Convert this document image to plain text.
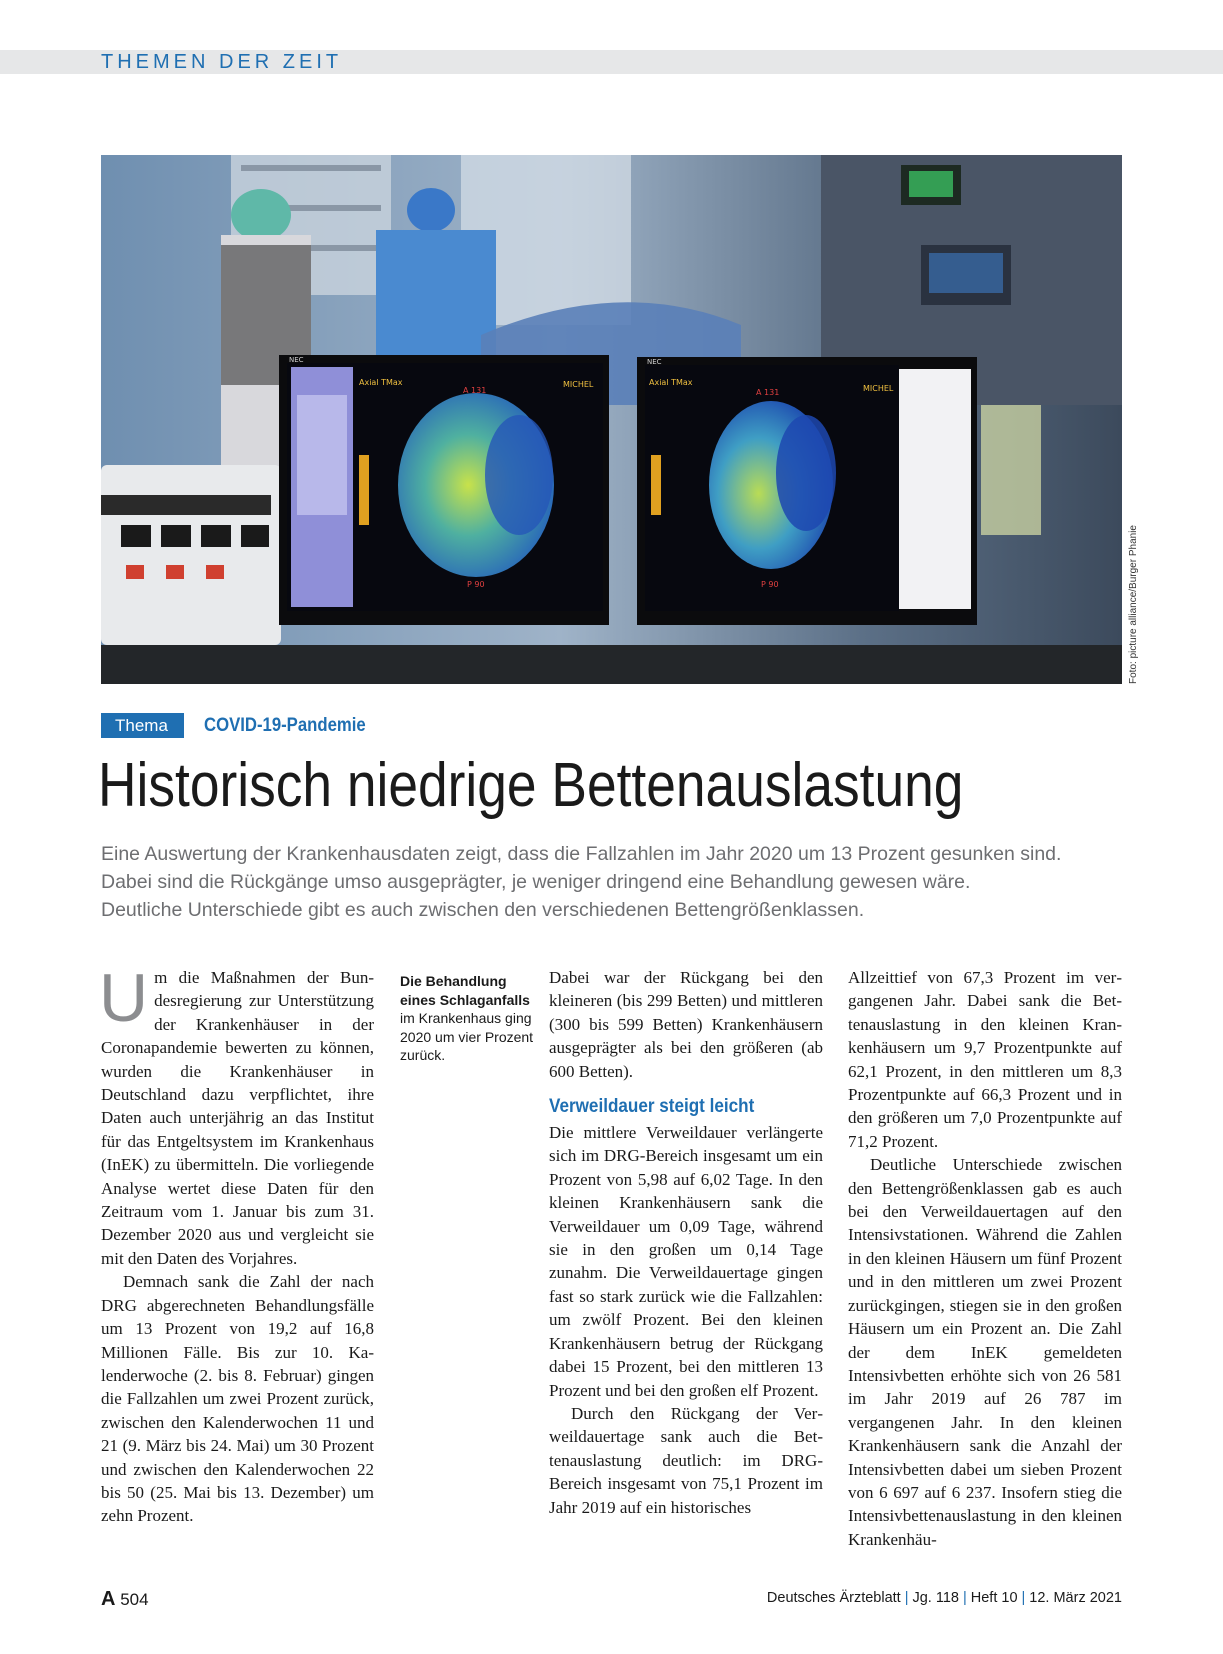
THEMEN DER ZEIT
Axial TMax	MICHEL
A 131
P 90
NEC
Axial TMax
MICHEL
A 131
P 90
NEC
Foto: picture alliance/Burger Phanie
Thema COVID-19-Pandemie
Historisch niedrige Bettenauslastung

Eine Auswertung der Krankenhausdaten zeigt, dass die Fallzahlen im Jahr 2020 um 13 Prozent gesunken sind.
Dabei sind die Rückgänge umso ausgeprägter, je weniger dringend eine Behandlung gewesen wäre.
Deutliche Unterschiede gibt es auch zwischen den verschiedenen Bettengrößenklassen.

Um die Maßnahmen der Bundesregierung zur Unterstützung der Krankenhäuser in der Coronapandemie bewerten zu können, wurden die Krankenhäuser in Deutschland dazu verpflichtet, ihre Daten auch unterjährig an das Institut für das Entgeltsystem im Krankenhaus (InEK) zu übermitteln. Die vorliegende Analyse wertet diese Daten für den Zeitraum vom 1. Januar bis zum 31. Dezember 2020 aus und vergleicht sie mit den Daten des Vorjahres.

Demnach sank die Zahl der nach DRG abgerechneten Behandlungsfälle um 13 Prozent von 19,2 auf 16,8 Millionen Fälle. Bis zur 10. Kalenderwoche (2. bis 8. Februar) gingen die Fallzahlen um zwei Prozent zurück, zwischen den Kalenderwochen 11 und 21 (9. März bis 24. Mai) um 30 Prozent und zwischen den Kalenderwochen 22 bis 50 (25. Mai bis 13. Dezember) um zehn Prozent.

Die Behandlung eines Schlaganfalls
im Krankenhaus ging 2020 um vier Prozent zurück.

Dabei war der Rückgang bei den kleineren (bis 299 Betten) und mittleren (300 bis 599 Betten) Krankenhäusern ausgeprägter als bei den größeren (ab 600 Betten).

Verweildauer steigt leicht

Die mittlere Verweildauer verlängerte sich im DRG-Bereich insgesamt um ein Prozent von 5,98 auf 6,02 Tage. In den kleinen Krankenhäusern sank die Verweildauer um 0,09 Tage, während sie in den großen um 0,14 Tage zunahm. Die Verweildauertage gingen fast so stark zurück wie die Fallzahlen: um zwölf Prozent. Bei den kleinen Krankenhäusern betrug der Rückgang dabei 15 Prozent, bei den mittleren 13 Prozent und bei den großen elf Prozent.

Durch den Rückgang der Verweildauertage sank auch die Bettenauslastung deutlich: im DRG-Bereich insgesamt von 75,1 Prozent im Jahr 2019 auf ein historisches

Allzeittief von 67,3 Prozent im vergangenen Jahr. Dabei sank die Bettenauslastung in den kleinen Krankenhäusern um 9,7 Prozentpunkte auf 62,1 Prozent, in den mittleren um 8,3 Prozentpunkte auf 66,3 Prozent und in den größeren um 7,0 Prozentpunkte auf 71,2 Prozent.

Deutliche Unterschiede zwischen den Bettengrößenklassen gab es auch bei den Verweildauertagen auf den Intensivstationen. Während die Zahlen in den kleinen Häusern um fünf Prozent und in den mittleren um zwei Prozent zurückgingen, stiegen sie in den großen Häusern um ein Prozent an. Die Zahl der dem InEK gemeldeten Intensivbetten erhöhte sich von 26 581 im Jahr 2019 auf 26 787 im vergangenen Jahr. In den kleinen Krankenhäusern sank die Anzahl der Intensivbetten dabei um sieben Prozent von 6 697 auf 6 237. Insofern stieg die Intensivbettenauslastung in den kleinen Krankenhäu-

A 504	Deutsches Ärzteblatt | Jg. 118 | Heft 10 | 12. März 2021
